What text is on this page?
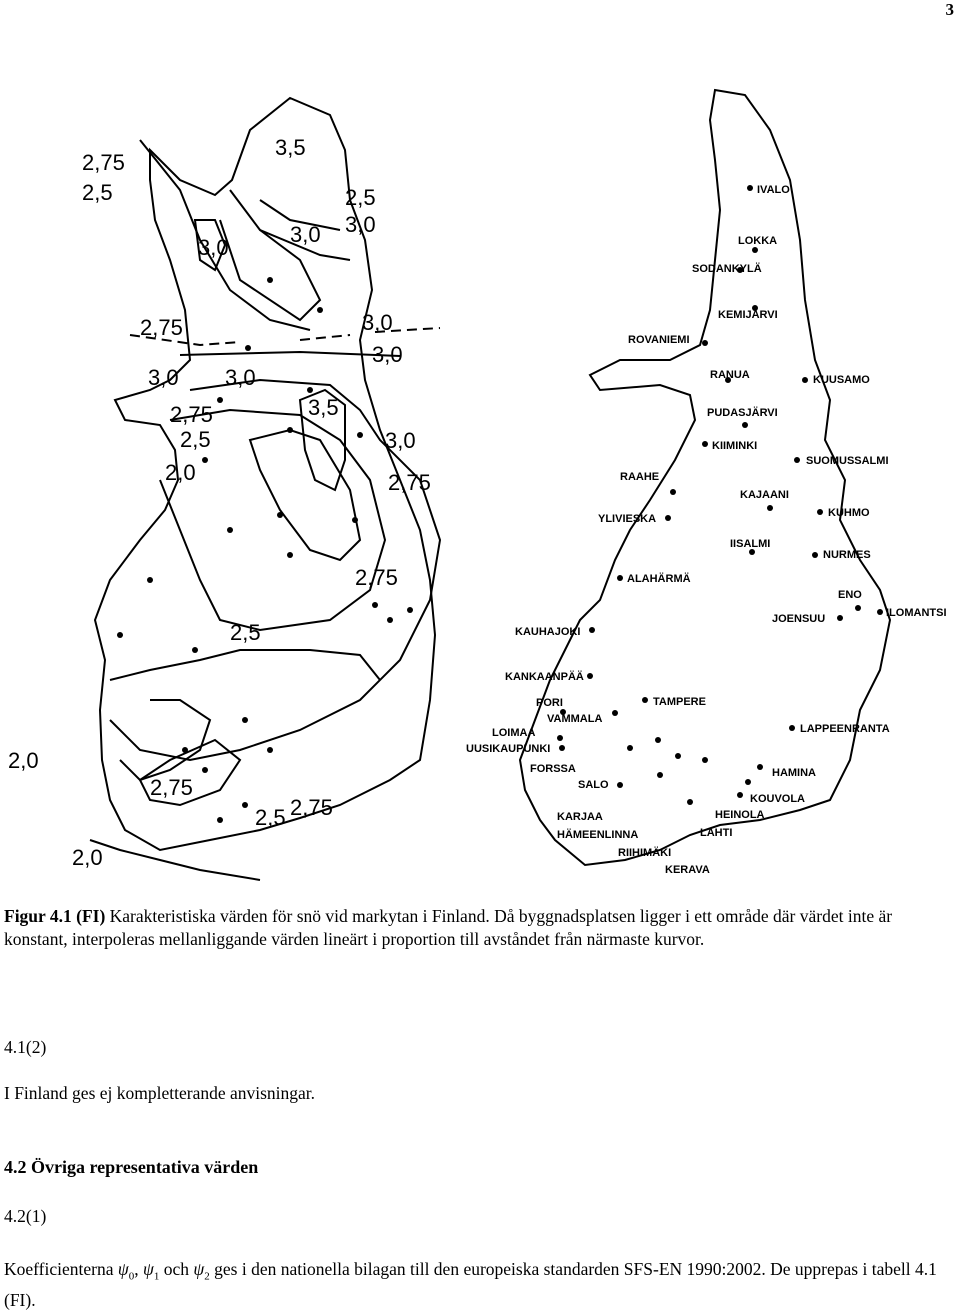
3
3,5
2,75
2,5	2,5
3,0 3,0
3,0
2,75	3,0
3,0
3,0 3,0
3,5
2,75
2,5	3,0
2,0	2,75
2,75
2,5
2,0
2,75
2,5 2,75
2,0
IVALO
LOKKA
SODANKYLÄ
KEMIJÄRVI
ROVANIEMI
RANUA	KUUSAMO
PUDASJÄRVI
KIIMINKI
SUOMUSSALMI
RAAHE
KAJAANI
KUHMO
YLIVIESKA
IISALMI
NURMES
ALAHÄRMÄ
ENO
ILOMANTSI
JOENSUU
KAUHAJOKI
KANKAANPÄÄ
PORI	TAMPERE
VAMMALA
LOIMAA
UUSIKAUPUNKI
LAPPEENRANTA
FORSSA	HAMINA
SALO
KOUVOLA
KARJAA	HEINOLA
HÄMEENLINNA	LAHTI
RIIHIMÄKI
KERAVA
Figur 4.1 (FI) Karakteristiska värden för snö vid markytan i Finland. Då byggnadsplatsen ligger i ett område där värdet inte är konstant, interpoleras mellanliggande värden lineärt i proportion till avståndet från närmaste kurvor.
4.1(2)
I Finland ges ej kompletterande anvisningar.
4.2 Övriga representativa värden
4.2(1)
Koefficienterna $\psi_0$, $\psi_1$ och $\psi_2$ ges i den nationella bilagan till den europeiska standarden SFS-EN 1990:2002. De upprepas i tabell 4.1 (FI).
